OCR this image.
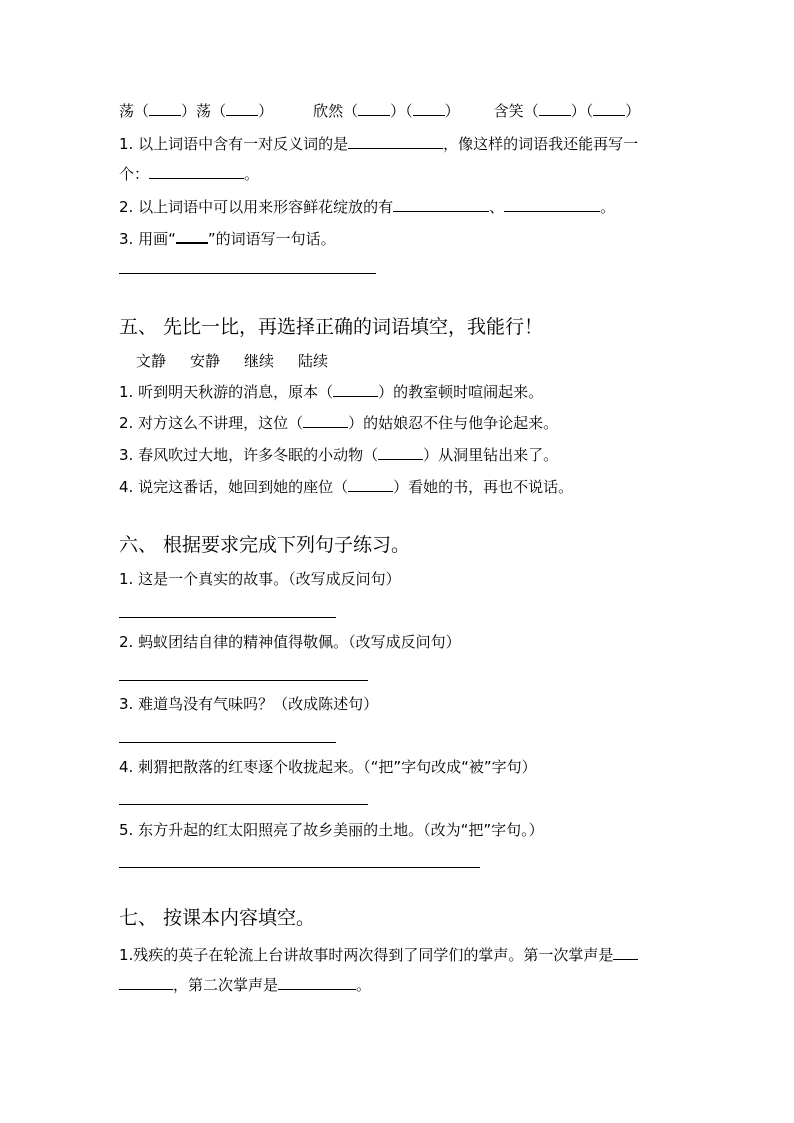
荡（ ）荡（ ）	欣然（ ）（ ） 含笑（ ）（ ）
1. 以上词语中含有一对反义词的是	，像这样的词语我还能再写一
个：	。
2. 以上词语中可以用来形容鲜花绽放的有	、	。
3. 用画“ ”的词语写一句话。
五、 先比一比，再选择正确的词语填空，我能行！
文静 安静 继续 陆续
1. 听到明天秋游的消息，原本（	）的教室顿时喧闹起来。
2. 对方这么不讲理，这位（	）的姑娘忍不住与他争论起来。
3. 春风吹过大地，许多冬眠的小动物（	）从洞里钻出来了。
4. 说完这番话，她回到她的座位（	）看她的书，再也不说话。
六、 根据要求完成下列句子练习。
1. 这是一个真实的故事。（改写成反问句）
2. 蚂蚁团结自律的精神值得敬佩。（改写成反问句）
3. 难道鸟没有气味吗？（改成陈述句）
4. 刺猬把散落的红枣逐个收拢起来。（“把”字句改成“被”字句）
5. 东方升起的红太阳照亮了故乡美丽的土地。（改为“把”字句。）
七、 按课本内容填空。
1.残疾的英子在轮流上台讲故事时两次得到了同学们的掌声。第一次掌声是
，第二次掌声是	。
